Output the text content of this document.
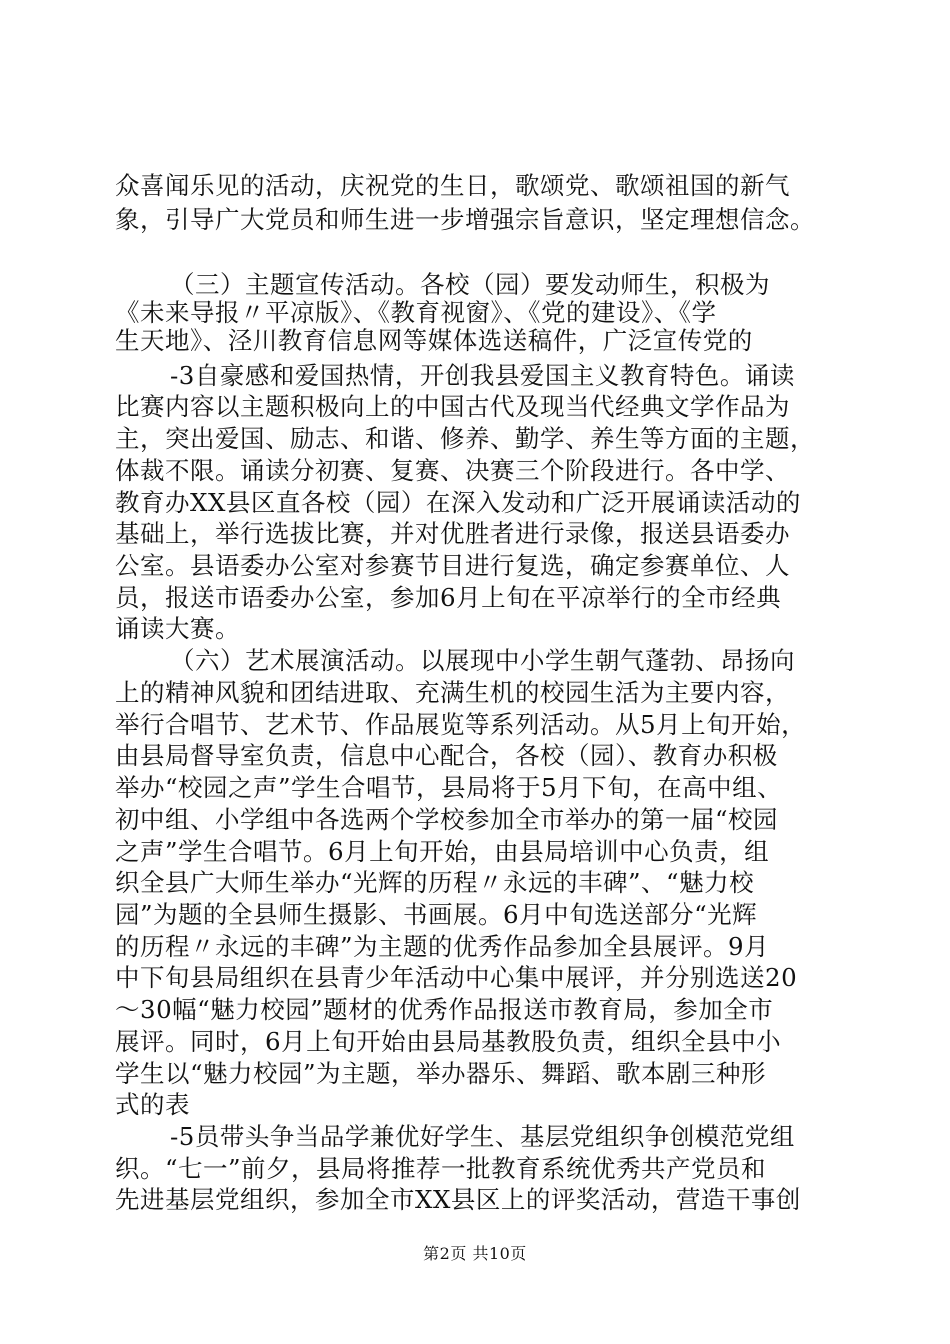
众喜闻乐见的活动，庆祝党的生日，歌颂党、歌颂祖国的新气
象，引导广大党员和师生进一步增强宗旨意识，坚定理想信念。
（三）主题宣传活动。各校（园）要发动师生，积极为
《未来导报〃平凉版》、《教育视窗》、《党的建设》、《学
生天地》、泾川教育信息网等媒体选送稿件，广泛宣传党的
-3自豪感和爱国热情，开创我县爱国主义教育特色。诵读
比赛内容以主题积极向上的中国古代及现当代经典文学作品为
主，突出爱国、励志、和谐、修养、勤学、养生等方面的主题，
体裁不限。诵读分初赛、复赛、决赛三个阶段进行。各中学、
教育办XX县区直各校（园）在深入发动和广泛开展诵读活动的
基础上，举行选拔比赛，并对优胜者进行录像，报送县语委办
公室。县语委办公室对参赛节目进行复选，确定参赛单位、人
员，报送市语委办公室，参加6月上旬在平凉举行的全市经典
诵读大赛。
（六）艺术展演活动。以展现中小学生朝气蓬勃、昂扬向
上的精神风貌和团结进取、充满生机的校园生活为主要内容，
举行合唱节、艺术节、作品展览等系列活动。从5月上旬开始，
由县局督导室负责，信息中心配合，各校（园）、教育办积极
举办“校园之声”学生合唱节，县局将于5月下旬，在高中组、
初中组、小学组中各选两个学校参加全市举办的第一届“校园
之声”学生合唱节。6月上旬开始，由县局培训中心负责，组
织全县广大师生举办“光辉的历程〃永远的丰碑”、“魅力校
园”为题的全县师生摄影、书画展。6月中旬选送部分“光辉
的历程〃永远的丰碑”为主题的优秀作品参加全县展评。9月
中下旬县局组织在县青少年活动中心集中展评，并分别选送20
～30幅“魅力校园”题材的优秀作品报送市教育局，参加全市
展评。同时，6月上旬开始由县局基教股负责，组织全县中小
学生以“魅力校园”为主题，举办器乐、舞蹈、歌本剧三种形
式的表
-5员带头争当品学兼优好学生、基层党组织争创模范党组
织。“七一”前夕，县局将推荐一批教育系统优秀共产党员和
先进基层党组织，参加全市XX县区上的评奖活动，营造干事创
第2页 共10页
